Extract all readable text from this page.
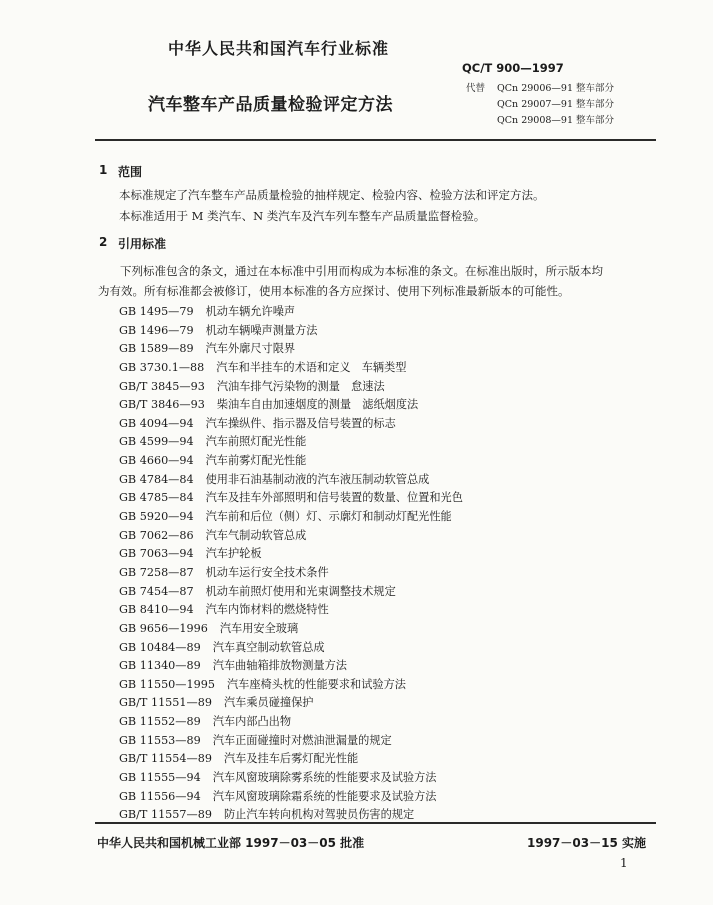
中华人民共和国汽车行业标准
QC/T 900—1997
汽车整车产品质量检验评定方法
代替 QCn 29006—91 整车部分
QCn 29007—91 整车部分
QCn 29008—91 整车部分
1 范围
本标准规定了汽车整车产品质量检验的抽样规定、检验内容、检验方法和评定方法。
本标准适用于 M 类汽车、N 类汽车及汽车列车整车产品质量监督检验。
2 引用标准
下列标准包含的条文，通过在本标准中引用而构成为本标准的条文。在标准出版时，所示版本均
为有效。所有标准都会被修订，使用本标准的各方应探讨、使用下列标准最新版本的可能性。
GB 1495—79 机动车辆允许噪声
GB 1496—79 机动车辆噪声测量方法
GB 1589—89 汽车外廓尺寸限界
GB 3730.1—88 汽车和半挂车的术语和定义　车辆类型
GB/T 3845—93 汽油车排气污染物的测量　怠速法
GB/T 3846—93 柴油车自由加速烟度的测量　滤纸烟度法
GB 4094—94 汽车操纵件、指示器及信号装置的标志
GB 4599—94 汽车前照灯配光性能
GB 4660—94 汽车前雾灯配光性能
GB 4784—84 使用非石油基制动液的汽车液压制动软管总成
GB 4785—84 汽车及挂车外部照明和信号装置的数量、位置和光色
GB 5920—94 汽车前和后位（侧）灯、示廓灯和制动灯配光性能
GB 7062—86 汽车气制动软管总成
GB 7063—94 汽车护轮板
GB 7258—87 机动车运行安全技术条件
GB 7454—87 机动车前照灯使用和光束调整技术规定
GB 8410—94 汽车内饰材料的燃烧特性
GB 9656—1996 汽车用安全玻璃
GB 10484—89 汽车真空制动软管总成
GB 11340—89 汽车曲轴箱排放物测量方法
GB 11550—1995 汽车座椅头枕的性能要求和试验方法
GB/T 11551—89 汽车乘员碰撞保护
GB 11552—89 汽车内部凸出物
GB 11553—89 汽车正面碰撞时对燃油泄漏量的规定
GB/T 11554—89 汽车及挂车后雾灯配光性能
GB 11555—94 汽车风窗玻璃除雾系统的性能要求及试验方法
GB 11556—94 汽车风窗玻璃除霜系统的性能要求及试验方法
GB/T 11557—89 防止汽车转向机构对驾驶员伤害的规定
中华人民共和国机械工业部 1997－03－05 批准	1997－03－15 实施
1
